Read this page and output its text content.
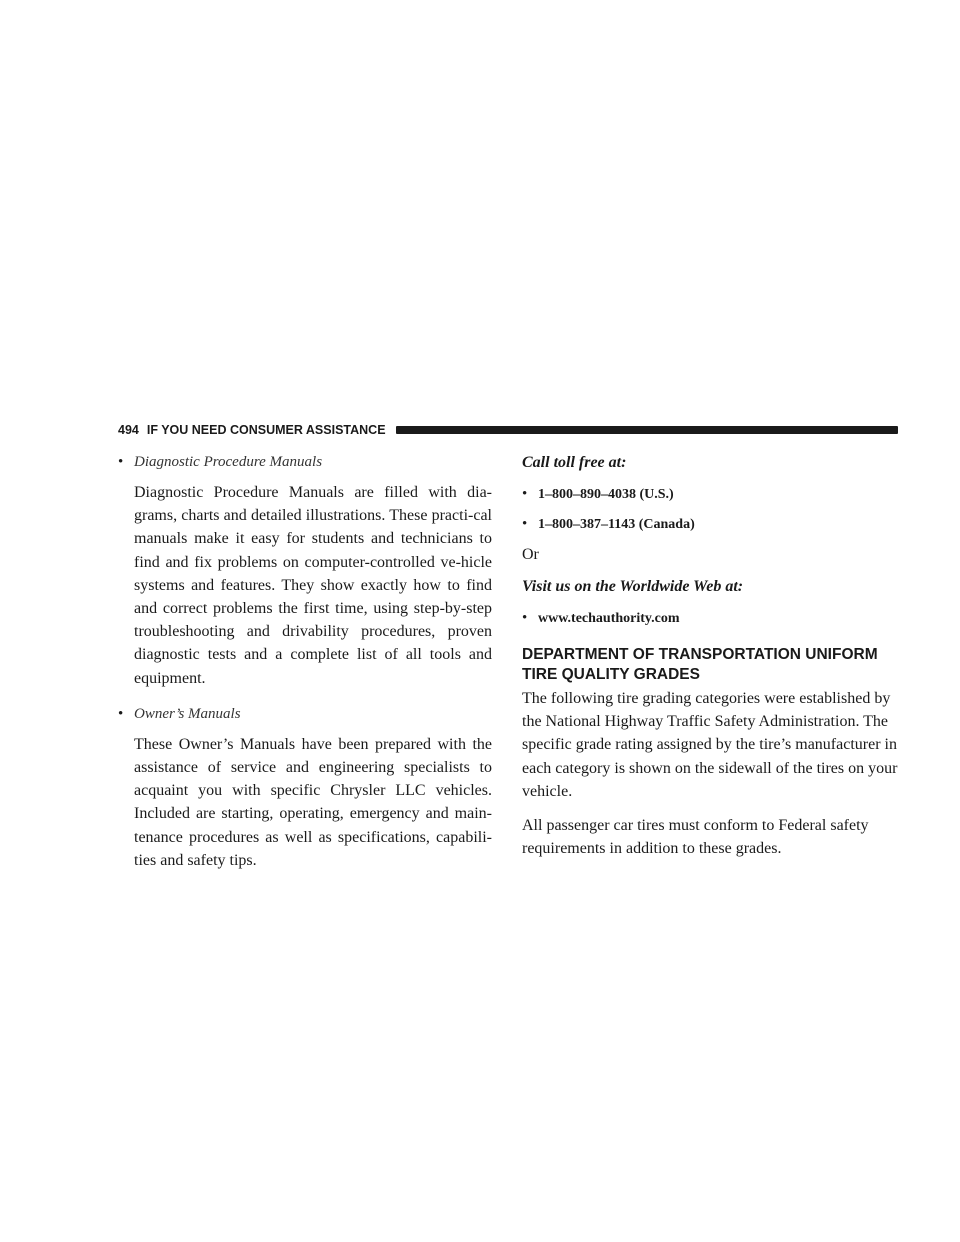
494 IF YOU NEED CONSUMER ASSISTANCE
• Diagnostic Procedure Manuals

Diagnostic Procedure Manuals are filled with dia-grams, charts and detailed illustrations. These practi-cal manuals make it easy for students and technicians to find and fix problems on computer-controlled ve-hicle systems and features. They show exactly how to find and correct problems the first time, using step-by-step troubleshooting and drivability procedures, proven diagnostic tests and a complete list of all tools and equipment.

• Owner’s Manuals

These Owner’s Manuals have been prepared with the assistance of service and engineering specialists to acquaint you with specific Chrysler LLC vehicles. Included are starting, operating, emergency and main-tenance procedures as well as specifications, capabili-ties and safety tips.

Call toll free at:

• 1–800–890–4038 (U.S.)
• 1–800–387–1143 (Canada)

Or

Visit us on the Worldwide Web at:

• www.techauthority.com
DEPARTMENT OF TRANSPORTATION UNIFORM
TIRE QUALITY GRADES

The following tire grading categories were established by the National Highway Traffic Safety Administration. The specific grade rating assigned by the tire’s manufacturer in each category is shown on the sidewall of the tires on your vehicle.

All passenger car tires must conform to Federal safety requirements in addition to these grades.
